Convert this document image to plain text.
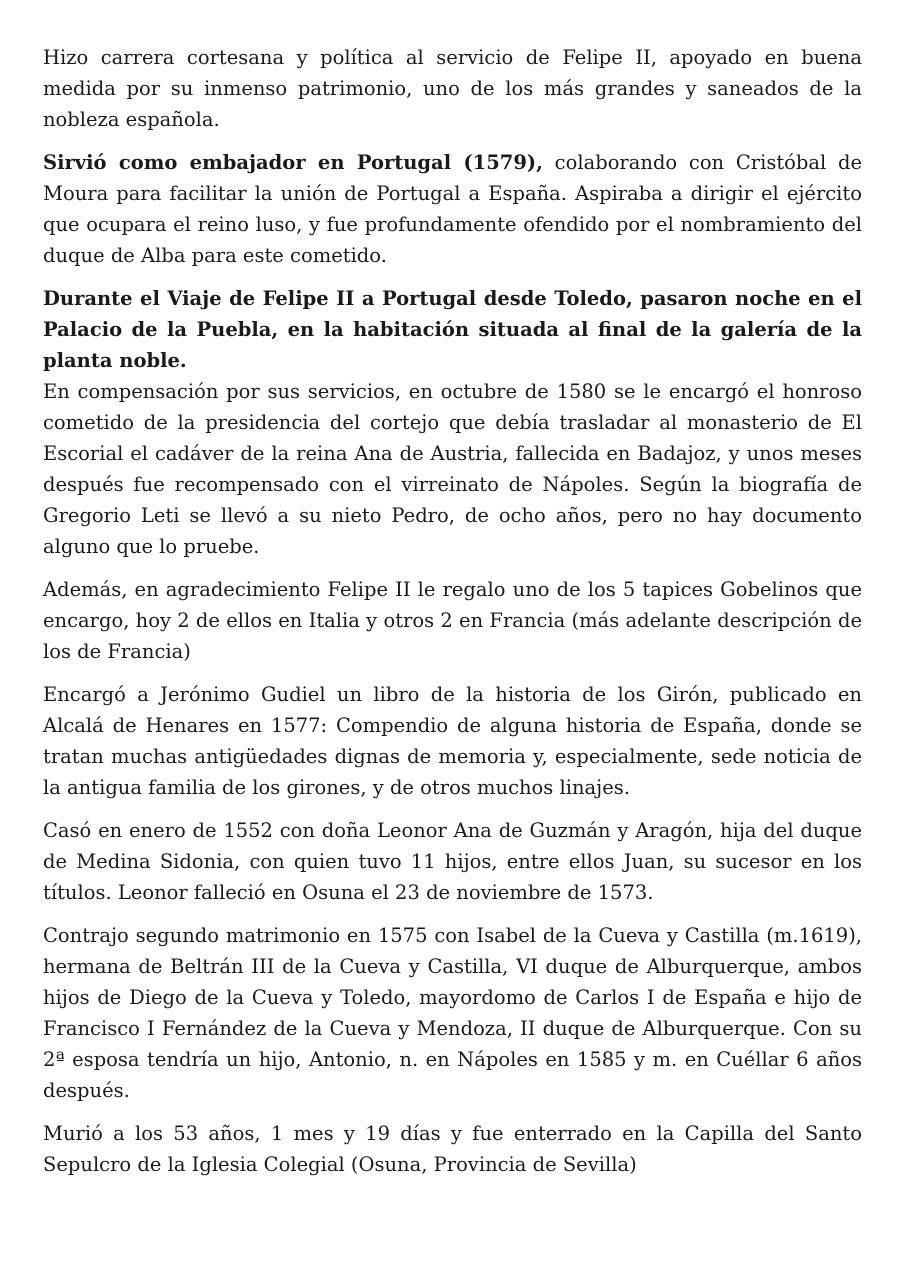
Hizo carrera cortesana y política al servicio de Felipe II, apoyado en buena medida por su inmenso patrimonio, uno de los más grandes y saneados de la nobleza española.

Sirvió como embajador en Portugal (1579), colaborando con Cristóbal de Moura para facilitar la unión de Portugal a España. Aspiraba a dirigir el ejército que ocupara el reino luso, y fue profundamente ofendido por el nombramiento del duque de Alba para este cometido.

Durante el Viaje de Felipe II a Portugal desde Toledo, pasaron noche en el Palacio de la Puebla, en la habitación situada al final de la galería de la planta noble.

En compensación por sus servicios, en octubre de 1580 se le encargó el honroso cometido de la presidencia del cortejo que debía trasladar al monasterio de El Escorial el cadáver de la reina Ana de Austria, fallecida en Badajoz, y unos meses después fue recompensado con el virreinato de Nápoles. Según la biografía de Gregorio Leti se llevó a su nieto Pedro, de ocho años, pero no hay documento alguno que lo pruebe.

Además, en agradecimiento Felipe II le regalo uno de los 5 tapices Gobelinos que encargo, hoy 2 de ellos en Italia y otros 2 en Francia (más adelante descripción de los de Francia)

Encargó a Jerónimo Gudiel un libro de la historia de los Girón, publicado en Alcalá de Henares en 1577: Compendio de alguna historia de España, donde se tratan muchas antigüedades dignas de memoria y, especialmente, sede noticia de la antigua familia de los girones, y de otros muchos linajes.

Casó en enero de 1552 con doña Leonor Ana de Guzmán y Aragón, hija del duque de Medina Sidonia, con quien tuvo 11 hijos, entre ellos Juan, su sucesor en los títulos. Leonor falleció en Osuna el 23 de noviembre de 1573.

Contrajo segundo matrimonio en 1575 con Isabel de la Cueva y Castilla (m.1619), hermana de Beltrán III de la Cueva y Castilla, VI duque de Alburquerque, ambos hijos de Diego de la Cueva y Toledo, mayordomo de Carlos I de España e hijo de Francisco I Fernández de la Cueva y Mendoza, II duque de Alburquerque. Con su 2ª esposa tendría un hijo, Antonio, n. en Nápoles en 1585 y m. en Cuéllar 6 años después.

Murió a los 53 años, 1 mes y 19 días y fue enterrado en la Capilla del Santo Sepulcro de la Iglesia Colegial (Osuna, Provincia de Sevilla)
